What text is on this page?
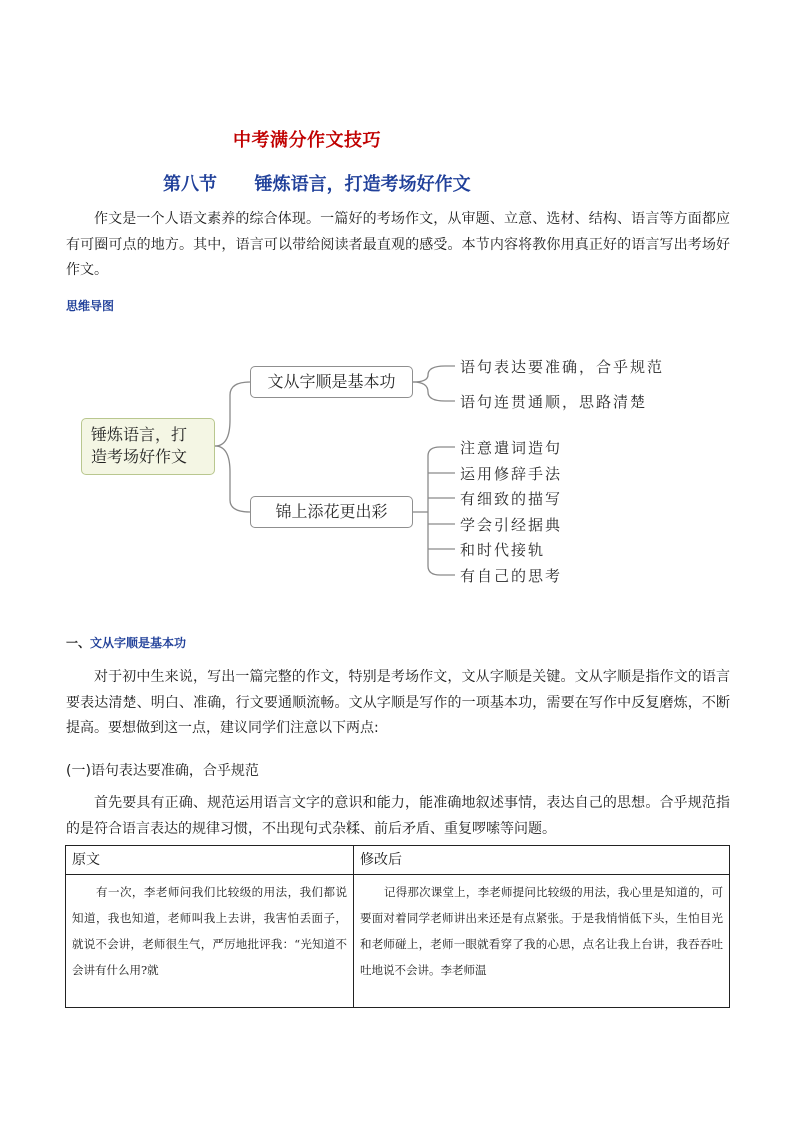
中考满分作文技巧
第八节 锤炼语言，打造考场好作文
作文是一个人语文素养的综合体现。一篇好的考场作文，从审题、立意、选材、结构、语言等方面都应有可圈可点的地方。其中，语言可以带给阅读者最直观的感受。本节内容将教你用真正好的语言写出考场好作文。
思维导图
锤炼语言，打
造考场好作文
文从字顺是基本功
锦上添花更出彩
语句表达要准确，合乎规范
语句连贯通顺，思路清楚
注意遣词造句
运用修辞手法
有细致的描写
学会引经据典
和时代接轨
有自己的思考
一、文从字顺是基本功
对于初中生来说，写出一篇完整的作文，特别是考场作文，文从字顺是关键。文从字顺是指作文的语言要表达清楚、明白、准确，行文要通顺流畅。文从字顺是写作的一项基本功，需要在写作中反复磨炼，不断提高。要想做到这一点，建议同学们注意以下两点:
(一)语句表达要准确，合乎规范
首先要具有正确、规范运用语言文字的意识和能力，能准确地叙述事情，表达自己的思想。合乎规范指的是符合语言表达的规律习惯，不出现句式杂糅、前后矛盾、重复啰嗦等问题。
原文	修改后
有一次，李老师问我们比较级的用法，我们都说知道，我也知道，老师叫我上去讲，我害怕丢面子，就说不会讲，老师很生气，严厉地批评我：“光知道不会讲有什么用?就	记得那次课堂上，李老师提问比较级的用法，我心里是知道的，可要面对着同学老师讲出来还是有点紧张。于是我悄悄低下头，生怕目光和老师碰上，老师一眼就看穿了我的心思，点名让我上台讲，我吞吞吐吐地说不会讲。李老师温
